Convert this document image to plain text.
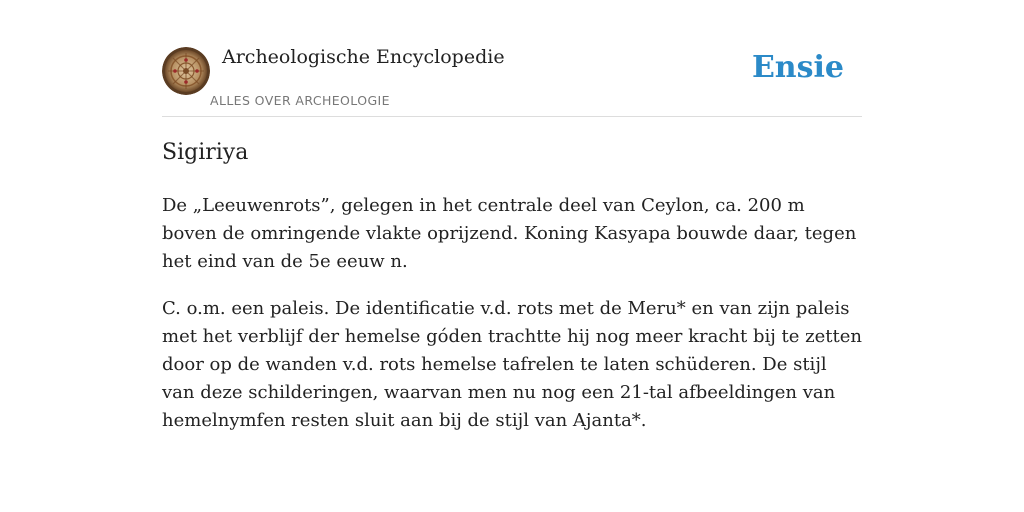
Archeologische Encyclopedie
ALLES OVER ARCHEOLOGIE
Ensie
Sigiriya

De „Leeuwenrots”, gelegen in het centrale deel van Ceylon, ca. 200 m boven de omringende vlakte oprijzend. Koning Kasyapa bouwde daar, tegen het eind van de 5e eeuw n.

C. o.m. een paleis. De identificatie v.d. rots met de Meru* en van zijn paleis met het verblijf der hemelse góden trachtte hij nog meer kracht bij te zetten door op de wanden v.d. rots hemelse tafrelen te laten schüderen. De stijl van deze schilderingen, waarvan men nu nog een 21-tal afbeeldingen van hemelnymfen resten sluit aan bij de stijl van Ajanta*.
